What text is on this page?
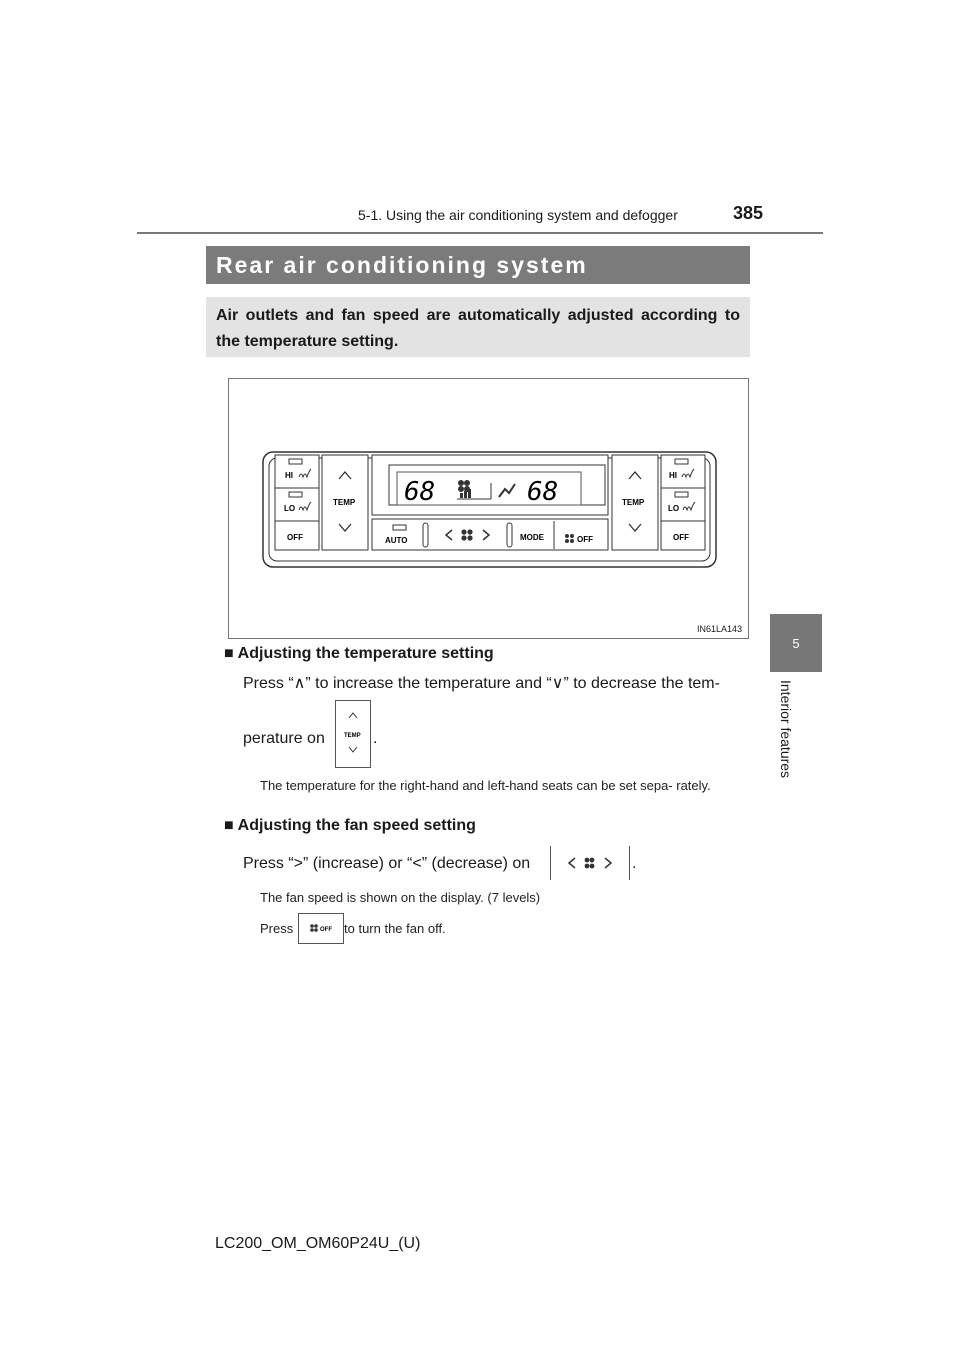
5-1. Using the air conditioning system and defogger	385
5
Interior features
Rear air conditioning system
Air outlets and fan speed are automatically adjusted according to the temperature setting.
HI
LO
OFF
TEMP 68	68
AUTO	MODE	OFF
TEMP
HI
LO
OFF
IN61LA143
■ Adjusting the temperature setting
Press “∧” to increase the temperature and “∨” to decrease the tem-
perature on	TEMP .
The temperature for the right-hand and left-hand seats can be set sepa- rately.
■ Adjusting the fan speed setting
Press “>” (increase) or “<” (decrease) on	.
The fan speed is shown on the display. (7 levels)
Press	OFF to turn the fan off.
LC200_OM_OM60P24U_(U)
